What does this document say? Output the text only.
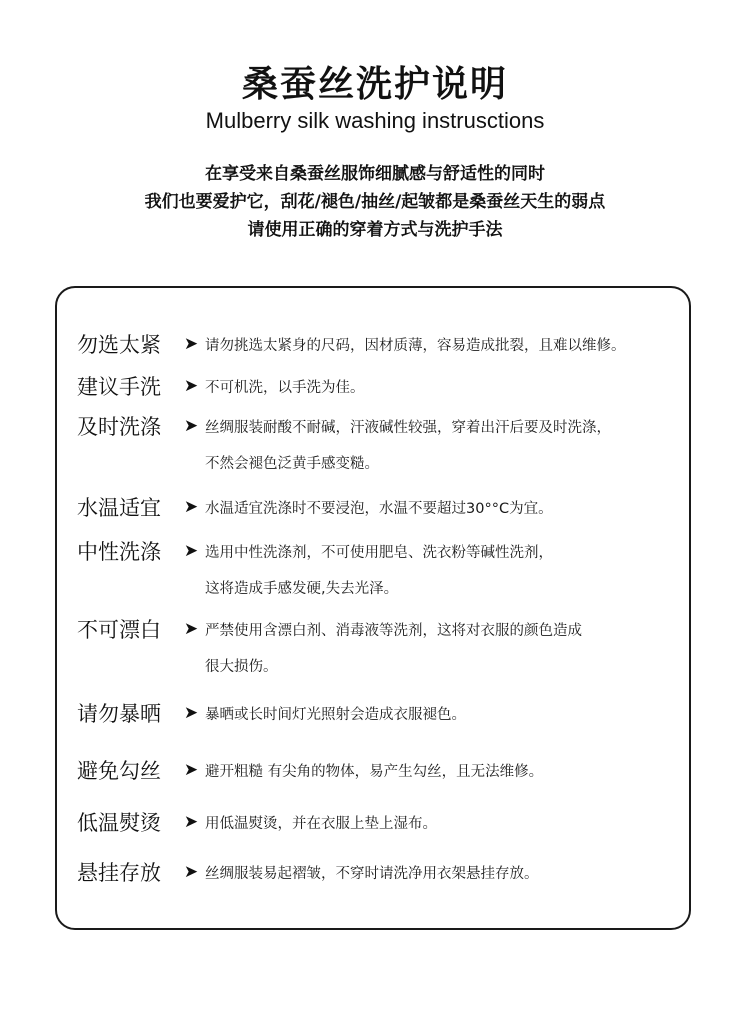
桑蚕丝洗护说明
Mulberry silk washing instrusctions
在享受来自桑蚕丝服饰细腻感与舒适性的同时
我们也要爱护它，刮花/褪色/抽丝/起皱都是桑蚕丝天生的弱点
请使用正确的穿着方式与洗护手法
勿选太紧	➤ 请勿挑选太紧身的尺码，因材质薄，容易造成批裂，且难以维修。
建议手洗	➤ 不可机洗，以手洗为佳。
及时洗涤	➤ 丝绸服装耐酸不耐碱，汗液碱性较强，穿着出汗后要及时洗涤，
不然会褪色泛黄手感变糙。
水温适宜	➤ 水温适宜洗涤时不要浸泡，水温不要超过30°°C为宜。
中性洗涤	➤ 选用中性洗涤剂，不可使用肥皂、洗衣粉等碱性洗剂，
这将造成手感发硬,失去光泽。
不可漂白	➤ 严禁使用含漂白剂、消毒液等洗剂，这将对衣服的颜色造成
很大损伤。
请勿暴晒	➤ 暴晒或长时间灯光照射会造成衣服褪色。
避免勾丝	➤ 避开粗糙 有尖角的物体，易产生勾丝，且无法维修。
低温熨烫	➤ 用低温熨烫，并在衣服上垫上湿布。
悬挂存放	➤ 丝绸服装易起褶皱，不穿时请洗净用衣架悬挂存放。
